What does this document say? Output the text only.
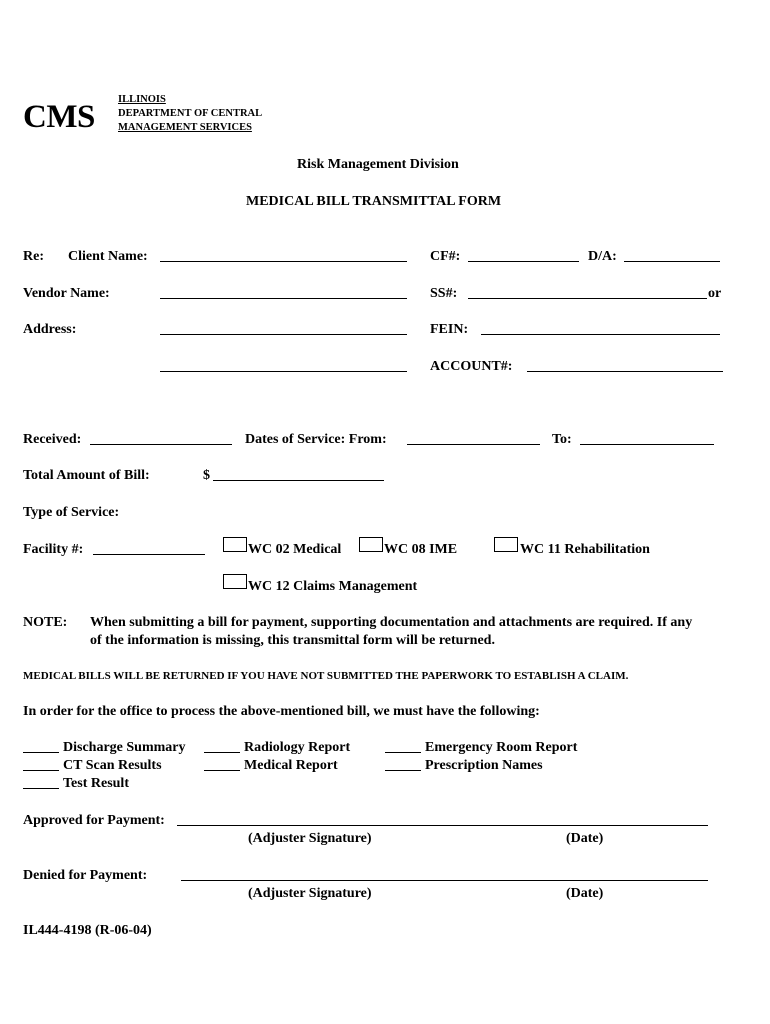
CMS ILLINOIS
DEPARTMENT OF CENTRAL
MANAGEMENT SERVICES
Risk Management Division
MEDICAL BILL TRANSMITTAL FORM
Re: Client Name:	CF#:	D/A:
Vendor Name:	SS#:	or
Address:	FEIN:
ACCOUNT#:
Received:	Dates of Service: From:	To:
Total Amount of Bill:	$
Type of Service:
Facility #:	WC 02 Medical	WC 08 IME	WC 11 Rehabilitation
WC 12 Claims Management
NOTE: When submitting a bill for payment, supporting documentation and attachments are required. If any
of the information is missing, this transmittal form will be returned.
MEDICAL BILLS WILL BE RETURNED IF YOU HAVE NOT SUBMITTED THE PAPERWORK TO ESTABLISH A CLAIM.
In order for the office to process the above-mentioned bill, we must have the following:
Discharge Summary	Radiology Report	Emergency Room Report
CT Scan Results	Medical Report	Prescription Names
Test Result
Approved for Payment:
(Adjuster Signature)	(Date)
Denied for Payment:
(Adjuster Signature)	(Date)
IL444-4198 (R-06-04)
